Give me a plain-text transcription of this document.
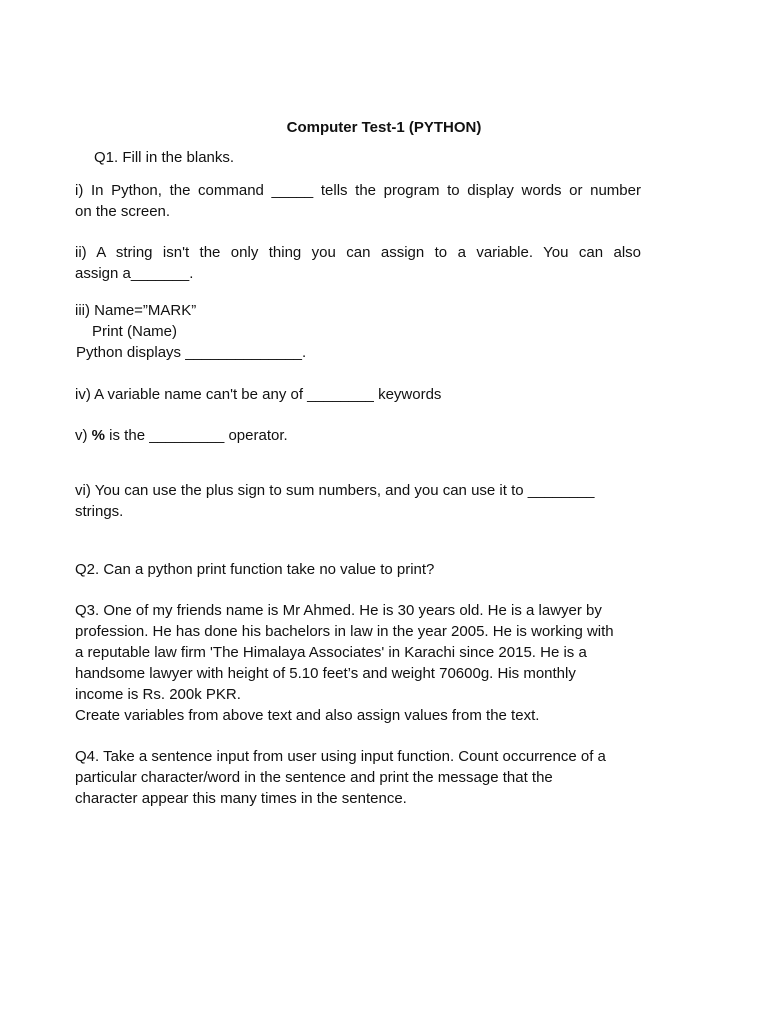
Computer Test-1 (PYTHON)

Q1. Fill in the blanks.

i) In Python, the command _____ tells the program to display words or number

on the screen.

ii) A string isn't the only thing you can assign to a variable. You can also

assign a_______.

iii) Name=”MARK”

Print (Name)

Python displays ______________.

iv) A variable name can't be any of ________ keywords

v) % is the _________ operator.

vi) You can use the plus sign to sum numbers, and you can use it to ________

strings.

Q2. Can a python print function take no value to print?

Q3. One of my friends name is Mr Ahmed. He is 30 years old. He is a lawyer by

profession. He has done his bachelors in law in the year 2005. He is working with

a reputable law firm 'The Himalaya Associates' in Karachi since 2015. He is a

handsome lawyer with height of 5.10 feet’s and weight 70600g. His monthly

income is Rs. 200k PKR.

Create variables from above text and also assign values from the text.

Q4. Take a sentence input from user using input function. Count occurrence of a

particular character/word in the sentence and print the message that the

character appear this many times in the sentence.
